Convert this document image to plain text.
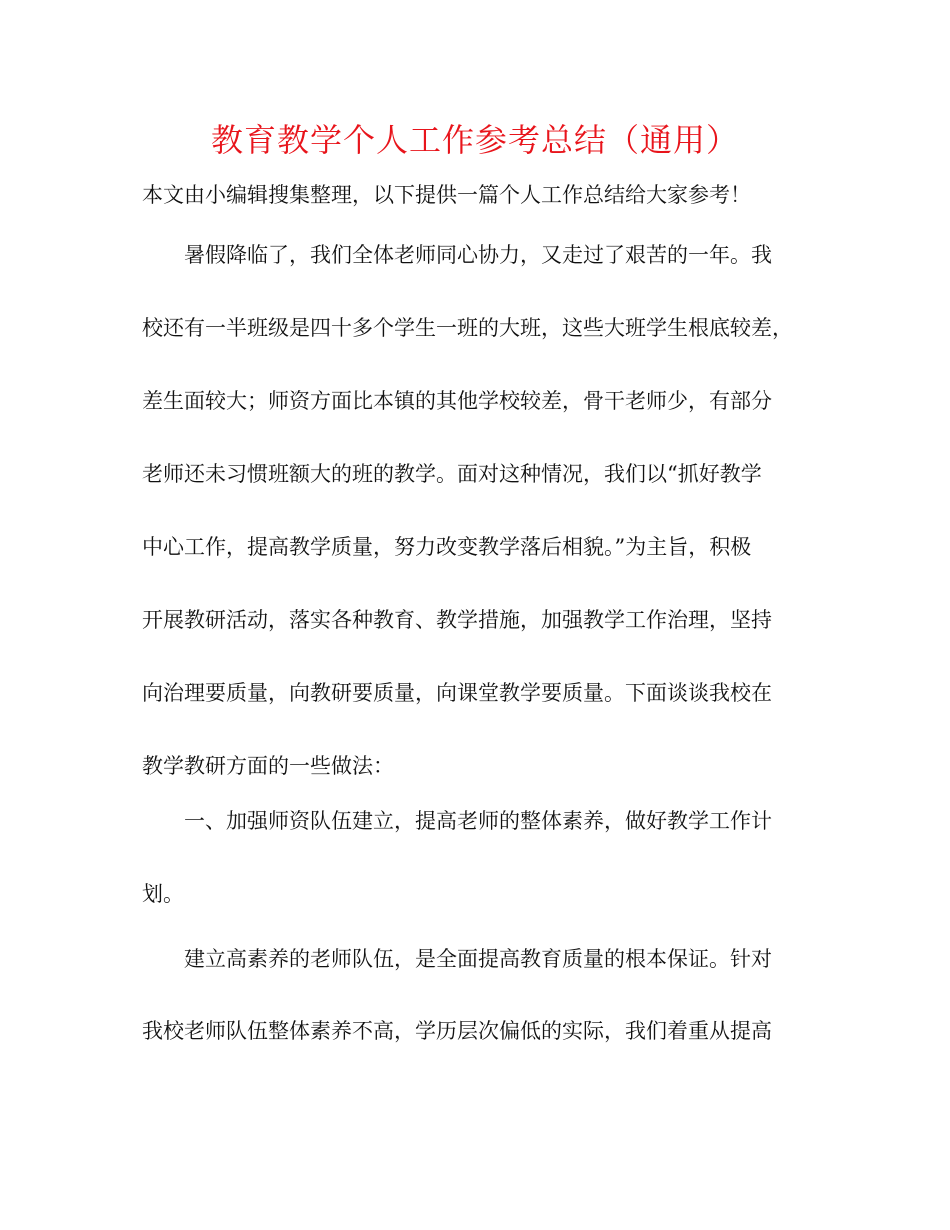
教育教学个人工作参考总结（通用）

本文由小编辑搜集整理，以下提供一篇个人工作总结给大家参考！

暑假降临了，我们全体老师同心协力，又走过了艰苦的一年。我

校还有一半班级是四十多个学生一班的大班，这些大班学生根底较差，

差生面较大；师资方面比本镇的其他学校较差，骨干老师少，有部分

老师还未习惯班额大的班的教学。面对这种情况，我们以“抓好教学

中心工作，提高教学质量，努力改变教学落后相貌。”为主旨，积极

开展教研活动，落实各种教育、教学措施，加强教学工作治理，坚持

向治理要质量，向教研要质量，向课堂教学要质量。下面谈谈我校在

教学教研方面的一些做法：

一、加强师资队伍建立，提高老师的整体素养，做好教学工作计

划。

建立高素养的老师队伍，是全面提高教育质量的根本保证。针对

我校老师队伍整体素养不高，学历层次偏低的实际，我们着重从提高
